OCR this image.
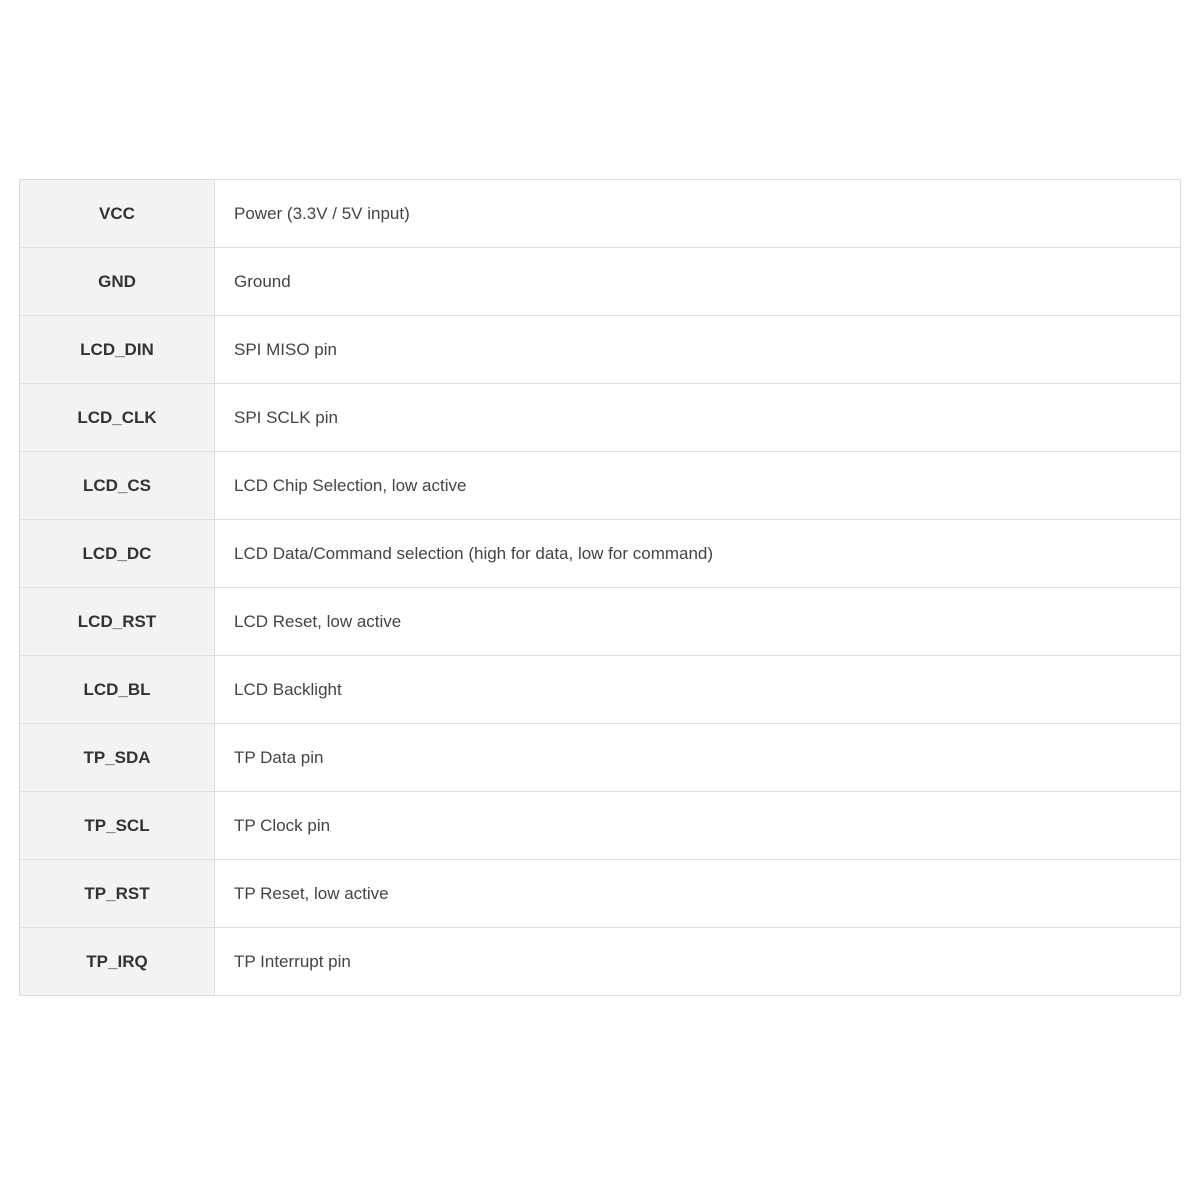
VCC	Power (3.3V / 5V input)
GND	Ground
LCD_DIN	SPI MISO pin
LCD_CLK	SPI SCLK pin
LCD_CS	LCD Chip Selection, low active
LCD_DC	LCD Data/Command selection (high for data, low for command)
LCD_RST	LCD Reset, low active
LCD_BL	LCD Backlight
TP_SDA	TP Data pin
TP_SCL	TP Clock pin
TP_RST	TP Reset, low active
TP_IRQ	TP Interrupt pin
